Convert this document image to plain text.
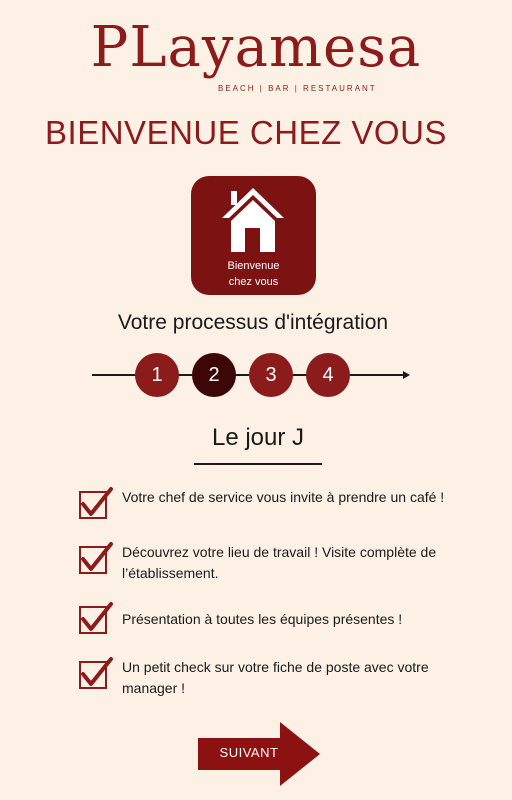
PLayamesa
BEACH | BAR | RESTAURANT
BIENVENUE CHEZ VOUS
Bienvenue
chez vous
Votre processus d'intégration
1	2	3	4
Le jour J
Votre chef de service vous invite à prendre un café !
Découvrez votre lieu de travail ! Visite complète de l’établissement.
Présentation à toutes les équipes présentes !
Un petit check sur votre fiche de poste avec votre manager !
SUIVANT
